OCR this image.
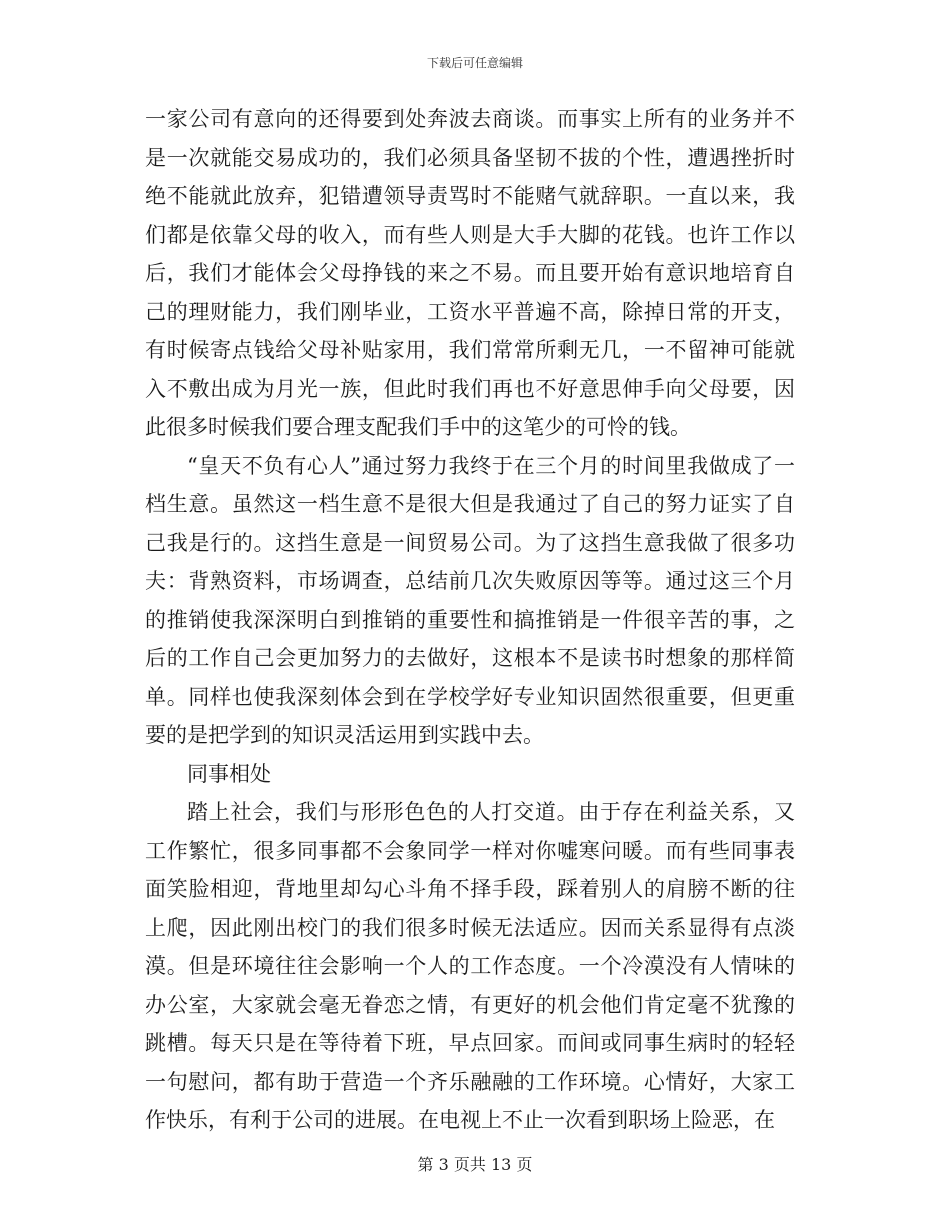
下载后可任意编辑

一家公司有意向的还得要到处奔波去商谈。而事实上所有的业务并不是一次就能交易成功的，我们必须具备坚韧不拔的个性，遭遇挫折时绝不能就此放弃，犯错遭领导责骂时不能赌气就辞职。一直以来，我们都是依靠父母的收入，而有些人则是大手大脚的花钱。也许工作以后，我们才能体会父母挣钱的来之不易。而且要开始有意识地培育自己的理财能力，我们刚毕业，工资水平普遍不高，除掉日常的开支，有时候寄点钱给父母补贴家用，我们常常所剩无几，一不留神可能就入不敷出成为月光一族，但此时我们再也不好意思伸手向父母要，因此很多时候我们要合理支配我们手中的这笔少的可怜的钱。

“皇天不负有心人”通过努力我终于在三个月的时间里我做成了一档生意。虽然这一档生意不是很大但是我通过了自己的努力证实了自己我是行的。这挡生意是一间贸易公司。为了这挡生意我做了很多功夫：背熟资料，市场调查，总结前几次失败原因等等。通过这三个月的推销使我深深明白到推销的重要性和搞推销是一件很辛苦的事，之后的工作自己会更加努力的去做好，这根本不是读书时想象的那样简单。同样也使我深刻体会到在学校学好专业知识固然很重要，但更重要的是把学到的知识灵活运用到实践中去。

同事相处

踏上社会，我们与形形色色的人打交道。由于存在利益关系，又工作繁忙，很多同事都不会象同学一样对你嘘寒问暖。而有些同事表面笑脸相迎，背地里却勾心斗角不择手段，踩着别人的肩膀不断的往上爬，因此刚出校门的我们很多时候无法适应。因而关系显得有点淡漠。但是环境往往会影响一个人的工作态度。一个冷漠没有人情味的办公室，大家就会毫无眷恋之情，有更好的机会他们肯定毫不犹豫的跳槽。每天只是在等待着下班，早点回家。而间或同事生病时的轻轻一句慰问，都有助于营造一个齐乐融融的工作环境。心情好，大家工作快乐，有利于公司的进展。在电视上不止一次看到职场上险恶，在

第 3 页共 13 页
